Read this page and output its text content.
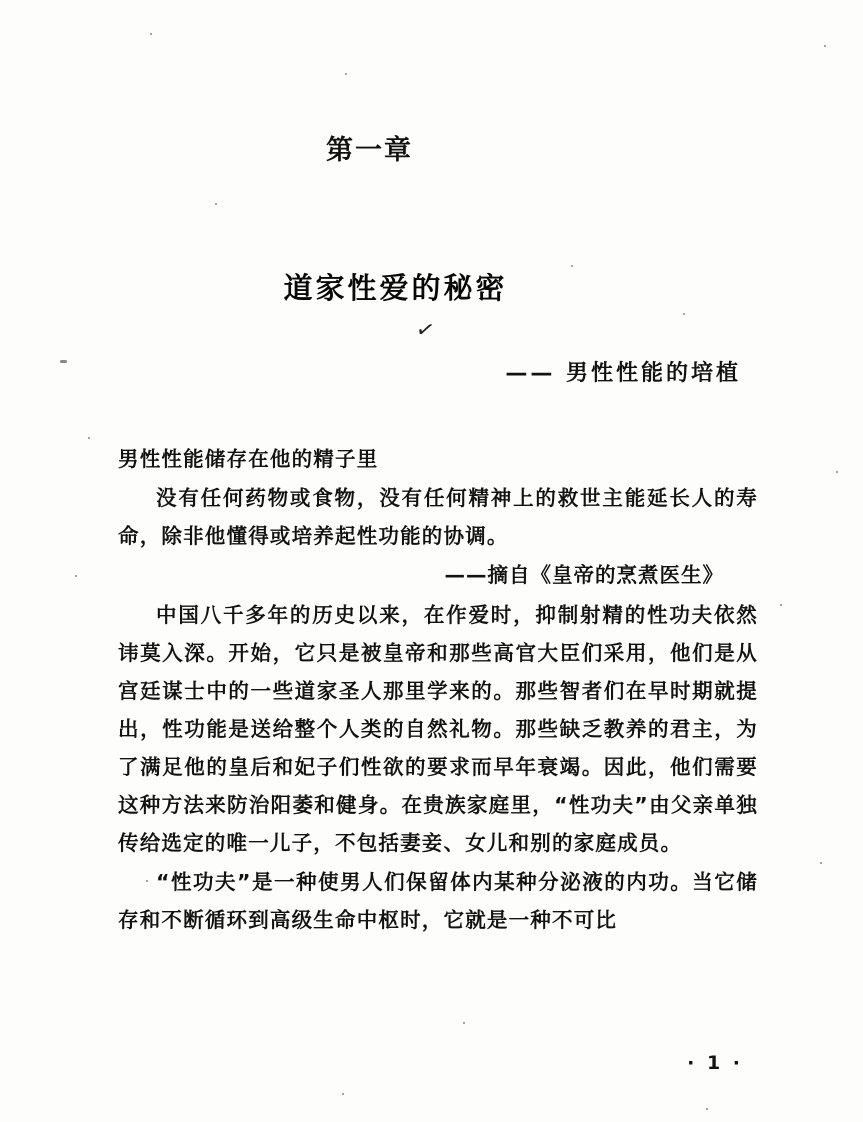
第一章
道家性爱的秘密
✓
—— 男性性能的培植

男性性能储存在他的精子里

没有任何药物或食物，没有任何精神上的救世主能延长人的寿命，除非他懂得或培养起性功能的协调。

——摘自《皇帝的烹煮医生》

中国八千多年的历史以来，在作爱时，抑制射精的性功夫依然讳莫入深。开始，它只是被皇帝和那些高官大臣们采用，他们是从宫廷谋士中的一些道家圣人那里学来的。那些智者们在早时期就提出，性功能是送给整个人类的自然礼物。那些缺乏教养的君主，为了满足他的皇后和妃子们性欲的要求而早年衰竭。因此，他们需要这种方法来防治阳萎和健身。在贵族家庭里，“性功夫”由父亲单独传给选定的唯一儿子，不包括妻妾、女儿和别的家庭成员。

“性功夫”是一种使男人们保留体内某种分泌液的内功。当它储存和不断循环到高级生命中枢时，它就是一种不可比

· 1 ·
